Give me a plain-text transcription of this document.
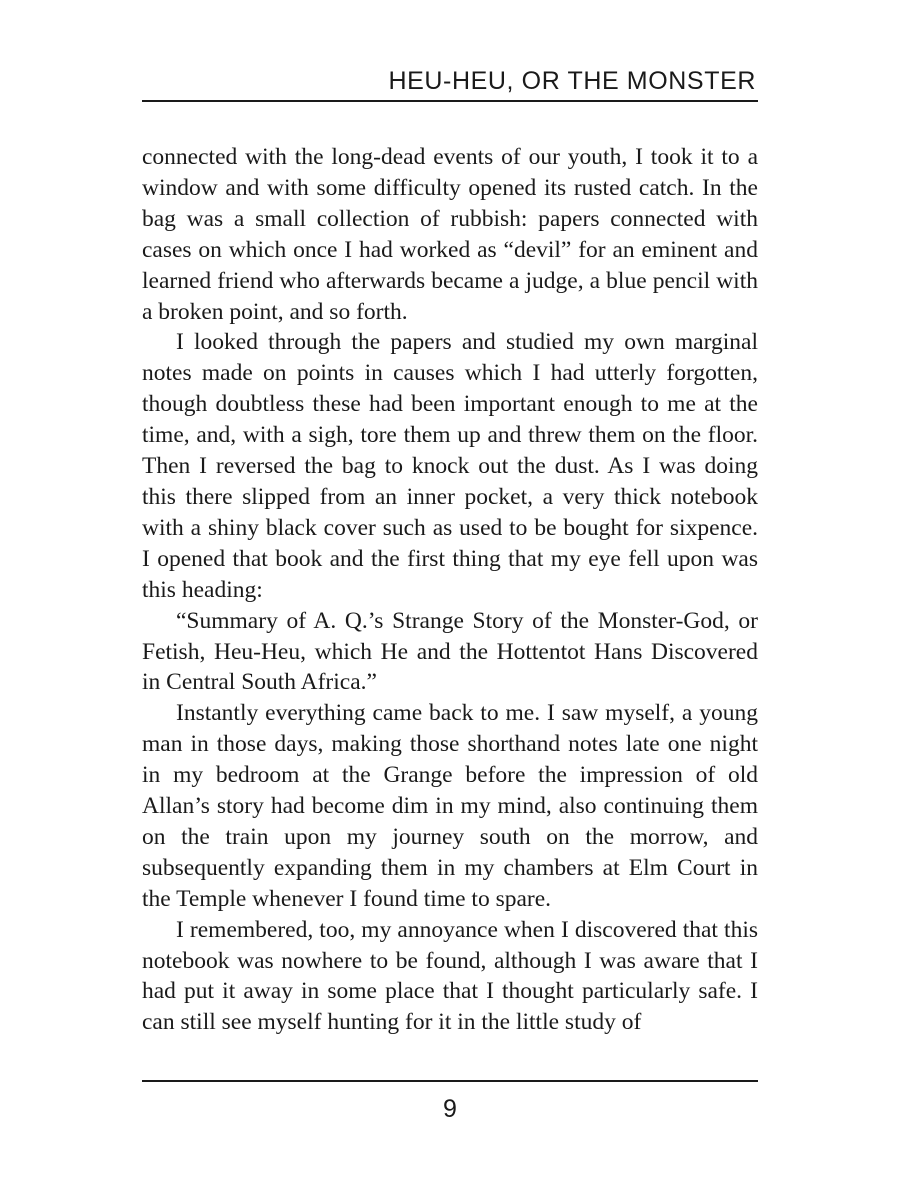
HEU-HEU, OR THE MONSTER

connected with the long-dead events of our youth, I took it to a window and with some difficulty opened its rusted catch. In the bag was a small collection of rubbish: papers connected with cases on which once I had worked as “devil” for an eminent and learned friend who afterwards became a judge, a blue pencil with a broken point, and so forth.

I looked through the papers and studied my own marginal notes made on points in causes which I had utterly forgotten, though doubtless these had been important enough to me at the time, and, with a sigh, tore them up and threw them on the floor. Then I reversed the bag to knock out the dust. As I was doing this there slipped from an inner pocket, a very thick notebook with a shiny black cover such as used to be bought for sixpence. I opened that book and the first thing that my eye fell upon was this heading:

“Summary of A. Q.’s Strange Story of the Monster-God, or Fetish, Heu-Heu, which He and the Hottentot Hans Discovered in Central South Africa.”

Instantly everything came back to me. I saw myself, a young man in those days, making those shorthand notes late one night in my bedroom at the Grange before the impression of old Allan’s story had become dim in my mind, also continuing them on the train upon my journey south on the morrow, and subsequently expanding them in my chambers at Elm Court in the Temple whenever I found time to spare.

I remembered, too, my annoyance when I discovered that this notebook was nowhere to be found, although I was aware that I had put it away in some place that I thought particularly safe. I can still see myself hunting for it in the little study of

9
